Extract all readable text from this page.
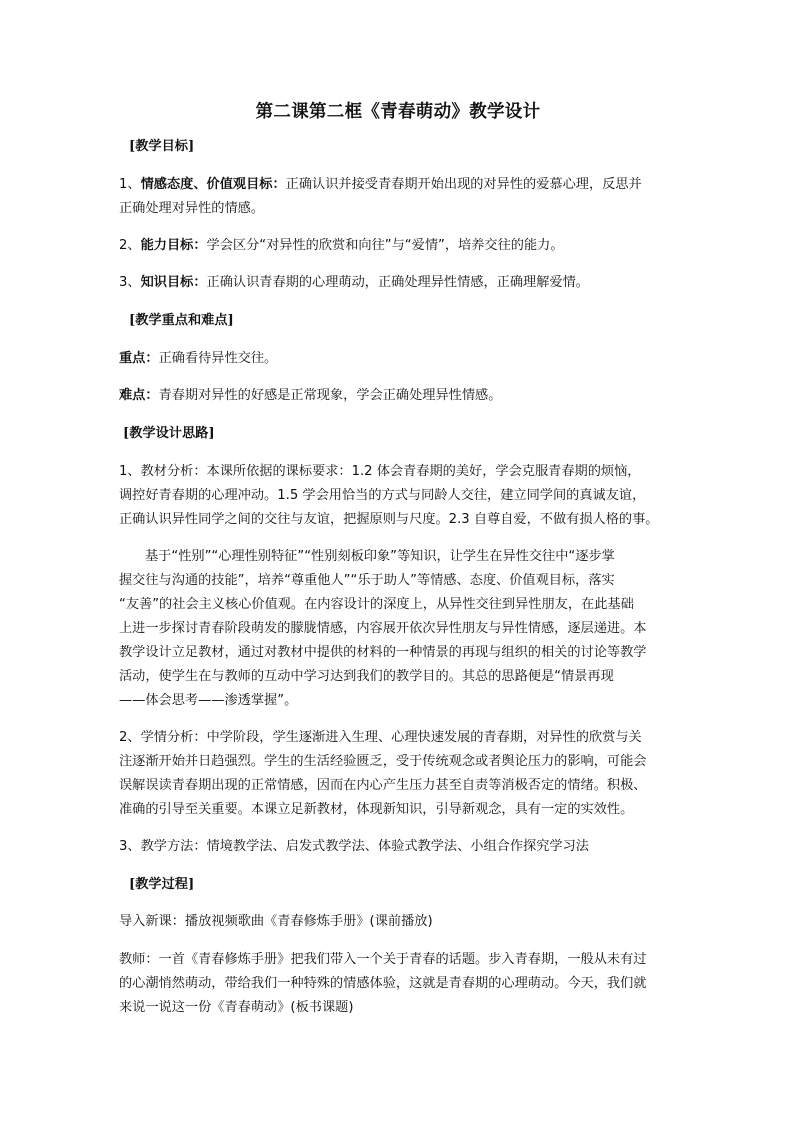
第二课第二框《青春萌动》教学设计

[教学目标]

1、情感态度、价值观目标：正确认识并接受青春期开始出现的对异性的爱慕心理，反思并

正确处理对异性的情感。

2、能力目标：学会区分“对异性的欣赏和向往”与“爱情”，培养交往的能力。

3、知识目标：正确认识青春期的心理萌动，正确处理异性情感，正确理解爱情。

[教学重点和难点]

重点：正确看待异性交往。

难点：青春期对异性的好感是正常现象，学会正确处理异性情感。

[教学设计思路]

1、教材分析：本课所依据的课标要求：1.2 体会青春期的美好，学会克服青春期的烦恼，

调控好青春期的心理冲动。1.5 学会用恰当的方式与同龄人交往，建立同学间的真诚友谊，

正确认识异性同学之间的交往与友谊，把握原则与尺度。2.3 自尊自爱，不做有损人格的事。

基于“性别”“心理性别特征”“性别刻板印象”等知识，让学生在异性交往中“逐步掌

握交往与沟通的技能”，培养“尊重他人”“乐于助人”等情感、态度、价值观目标，落实

“友善”的社会主义核心价值观。在内容设计的深度上，从异性交往到异性朋友，在此基础

上进一步探讨青春阶段萌发的朦胧情感，内容展开依次异性朋友与异性情感，逐层递进。本

教学设计立足教材，通过对教材中提供的材料的一种情景的再现与组织的相关的讨论等教学

活动，使学生在与教师的互动中学习达到我们的教学目的。其总的思路便是“情景再现

——体会思考——渗透掌握”。

2、学情分析：中学阶段，学生逐渐进入生理、心理快速发展的青春期，对异性的欣赏与关

注逐渐开始并日趋强烈。学生的生活经验匮乏，受于传统观念或者舆论压力的影响，可能会

误解误读青春期出现的正常情感，因而在内心产生压力甚至自责等消极否定的情绪。积极、

准确的引导至关重要。本课立足新教材，体现新知识，引导新观念，具有一定的实效性。

3、教学方法：情境教学法、启发式教学法、体验式教学法、小组合作探究学习法

[教学过程]

导入新课：播放视频歌曲《青春修炼手册》(课前播放)

教师：一首《青春修炼手册》把我们带入一个关于青春的话题。步入青春期，一般从未有过

的心潮悄然萌动，带给我们一种特殊的情感体验，这就是青春期的心理萌动。今天，我们就

来说一说这一份《青春萌动》(板书课题)
